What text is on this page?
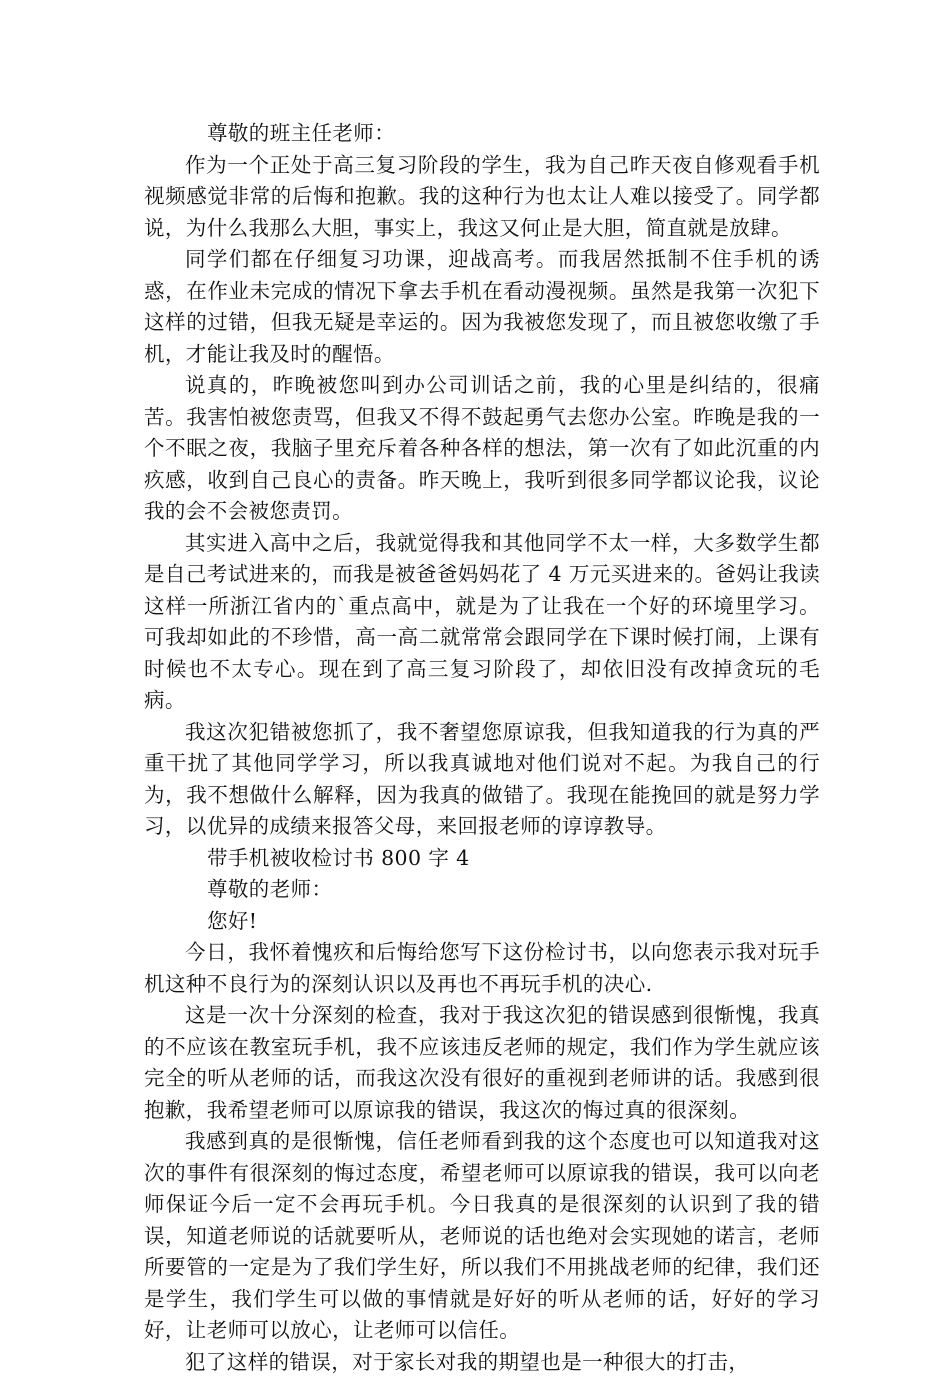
尊敬的班主任老师：

作为一个正处于高三复习阶段的学生，我为自己昨天夜自修观看手机视频感觉非常的后悔和抱歉。我的这种行为也太让人难以接受了。同学都说，为什么我那么大胆，事实上，我这又何止是大胆，简直就是放肆。

同学们都在仔细复习功课，迎战高考。而我居然抵制不住手机的诱惑，在作业未完成的情况下拿去手机在看动漫视频。虽然是我第一次犯下这样的过错，但我无疑是幸运的。因为我被您发现了，而且被您收缴了手机，才能让我及时的醒悟。

说真的，昨晚被您叫到办公司训话之前，我的心里是纠结的，很痛苦。我害怕被您责骂，但我又不得不鼓起勇气去您办公室。昨晚是我的一个不眠之夜，我脑子里充斥着各种各样的想法，第一次有了如此沉重的内疚感，收到自己良心的责备。昨天晚上，我听到很多同学都议论我，议论我的会不会被您责罚。

其实进入高中之后，我就觉得我和其他同学不太一样，大多数学生都是自己考试进来的，而我是被爸爸妈妈花了 4 万元买进来的。爸妈让我读这样一所浙江省内的`重点高中，就是为了让我在一个好的环境里学习。可我却如此的不珍惜，高一高二就常常会跟同学在下课时候打闹，上课有时候也不太专心。现在到了高三复习阶段了，却依旧没有改掉贪玩的毛病。

我这次犯错被您抓了，我不奢望您原谅我，但我知道我的行为真的严重干扰了其他同学学习，所以我真诚地对他们说对不起。为我自己的行为，我不想做什么解释，因为我真的做错了。我现在能挽回的就是努力学习，以优异的成绩来报答父母，来回报老师的谆谆教导。

带手机被收检讨书 800 字 4

尊敬的老师：

您好!

今日，我怀着愧疚和后悔给您写下这份检讨书，以向您表示我对玩手机这种不良行为的深刻认识以及再也不再玩手机的决心.

这是一次十分深刻的检查，我对于我这次犯的错误感到很惭愧，我真的不应该在教室玩手机，我不应该违反老师的规定，我们作为学生就应该完全的听从老师的话，而我这次没有很好的重视到老师讲的话。我感到很抱歉，我希望老师可以原谅我的错误，我这次的悔过真的很深刻。

我感到真的是很惭愧，信任老师看到我的这个态度也可以知道我对这次的事件有很深刻的悔过态度，希望老师可以原谅我的错误，我可以向老师保证今后一定不会再玩手机。今日我真的是很深刻的认识到了我的错误，知道老师说的话就要听从，老师说的话也绝对会实现她的诺言，老师所要管的一定是为了我们学生好，所以我们不用挑战老师的纪律，我们还是学生，我们学生可以做的事情就是好好的听从老师的话，好好的学习好，让老师可以放心，让老师可以信任。

犯了这样的错误，对于家长对我的期望也是一种很大的打击，
